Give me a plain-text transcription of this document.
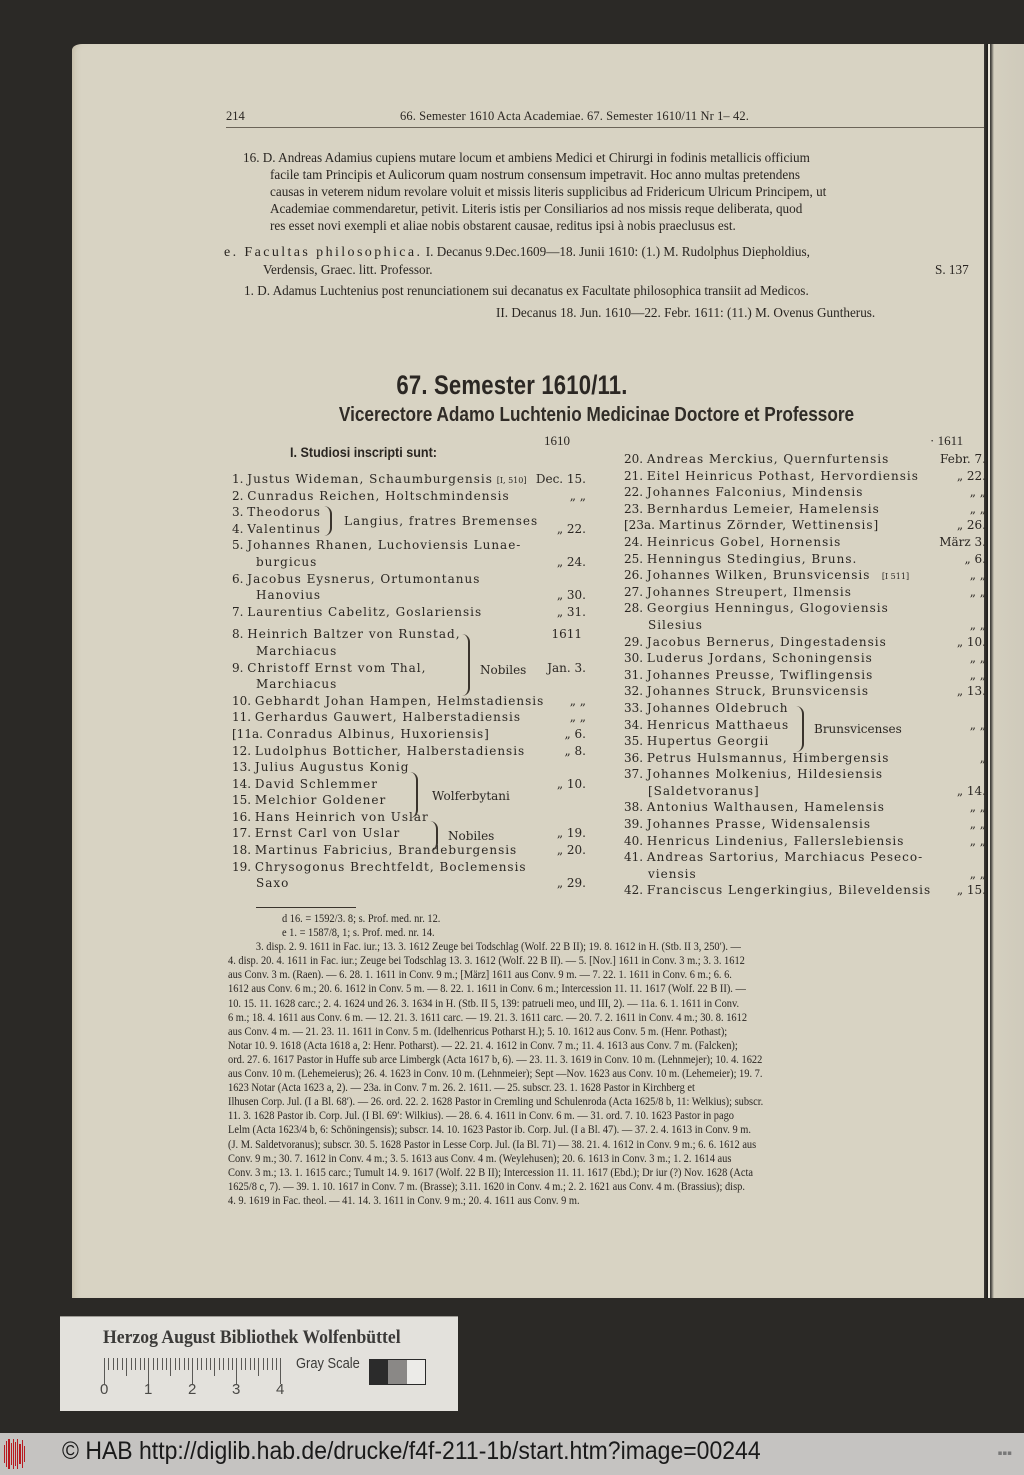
214	66. Semester 1610 Acta Academiae. 67. Semester 1610/11 Nr 1– 42.
16. D. Andreas Adamius cupiens mutare locum et ambiens Medici et Chirurgi in fodinis metallicis officium
facile tam Principis et Aulicorum quam nostrum consensum impetravit. Hoc anno multas pretendens
causas in veterem nidum revolare voluit et missis literis supplicibus ad Fridericum Ulricum Principem, ut
Academiae commendaretur, petivit. Literis istis per Consiliarios ad nos missis reque deliberata, quod
res esset novi exempli et aliae nobis obstarent causae, reditus ipsi à nobis praeclusus est.
e. Facultas philosophica. I. Decanus 9.Dec.1609—18. Junii 1610: (1.) M. Rudolphus Diepholdius,
Verdensis, Graec. litt. Professor.	S. 137
1. D. Adamus Luchtenius post renunciationem sui decanatus ex Facultate philosophica transiit ad Medicos.
II. Decanus 18. Jun. 1610—22. Febr. 1611: (11.) M. Ovenus Guntherus.
67. Semester 1610/11.
Vicerectore Adamo Luchtenio Medicinae Doctore et Professore
I. Studiosi inscripti sunt:
1610	· 1611
1. Justus Wideman, Schaumburgensis [I, 510] Dec. 15.
2. Cunradus Reichen, Holtschmindensis	„ „
3. Theodorus
4. Valentinus	„ 22.
5. Johannes Rhanen, Luchoviensis Lunae-
burgicus	„ 24.
6. Jacobus Eysnerus, Ortumontanus
Hanovius	„ 30.
7. Laurentius Cabelitz, Goslariensis	„ 31.
8. Heinrich Baltzer von Runstad,	1611
Marchiacus
9. Christoff Ernst vom Thal,	Jan. 3.
Marchiacus
10. Gebhardt Johan Hampen, Helmstadiensis „ „
11. Gerhardus Gauwert, Halberstadiensis	„ „
[11a. Conradus Albinus, Huxoriensis]	„ 6.
12. Ludolphus Botticher, Halberstadiensis	„ 8.
13. Julius Augustus Konig
14. David Schlemmer	„ 10.
15. Melchior Goldener
16. Hans Heinrich von Uslar
17. Ernst Carl von Uslar	„ 19.
18. Martinus Fabricius, Brandeburgensis	„ 20.
19. Chrysogonus Brechtfeldt, Boclemensis
Saxo	„ 29.
Langius, fratres Bremenses
Nobiles
Wolferbytani
Nobiles
20. Andreas Merckius, Quernfurtensis	Febr. 7.
21. Eitel Heinricus Pothast, Hervordiensis	„ 22.
22. Johannes Falconius, Mindensis	„ „
23. Bernhardus Lemeier, Hamelensis	„ „
[23a. Martinus Zörnder, Wettinensis]	„ 26.
24. Heinricus Gobel, Hornensis	März 3.
25. Henningus Stedingius, Bruns.	„ 6.
26. Johannes Wilken, Brunsvicensis [I 511]	„ „
27. Johannes Streupert, Ilmensis	„ „
28. Georgius Henningus, Glogoviensis
Silesius	„ „
29. Jacobus Bernerus, Dingestadensis	„ 10.
30. Luderus Jordans, Schoningensis	„ „
31. Johannes Preusse, Twiflingensis	„ „
32. Johannes Struck, Brunsvicensis	„ 13.
33. Johannes Oldebruch
34. Henricus Matthaeus	„ „
35. Hupertus Georgii
36. Petrus Hulsmannus, Himbergensis	„
37. Johannes Molkenius, Hildesiensis
[Saldetvoranus]	„ 14.
38. Antonius Walthausen, Hamelensis	„ „
39. Johannes Prasse, Widensalensis	„ „
40. Henricus Lindenius, Fallerslebiensis	„ „
41. Andreas Sartorius, Marchiacus Peseco-
viensis	„ „
42. Franciscus Lengerkingius, Bileveldensis „ 15.
Brunsvicenses
d 16. = 1592/3. 8; s. Prof. med. nr. 12.
e 1. = 1587/8, 1; s. Prof. med. nr. 14.
3. disp. 2. 9. 1611 in Fac. iur.; 13. 3. 1612 Zeuge bei Todschlag (Wolf. 22 B II); 19. 8. 1612 in H. (Stb. II 3, 250′). —
4. disp. 20. 4. 1611 in Fac. iur.; Zeuge bei Todschlag 13. 3. 1612 (Wolf. 22 B II). — 5. [Nov.] 1611 in Conv. 3 m.; 3. 3. 1612
aus Conv. 3 m. (Raen). — 6. 28. 1. 1611 in Conv. 9 m.; [März] 1611 aus Conv. 9 m. — 7. 22. 1. 1611 in Conv. 6 m.; 6. 6.
1612 aus Conv. 6 m.; 20. 6. 1612 in Conv. 5 m. — 8. 22. 1. 1611 in Conv. 6 m.; Intercession 11. 11. 1617 (Wolf. 22 B II). —
10. 15. 11. 1628 carc.; 2. 4. 1624 und 26. 3. 1634 in H. (Stb. II 5, 139: patrueli meo, und III, 2). — 11a. 6. 1. 1611 in Conv.
6 m.; 18. 4. 1611 aus Conv. 6 m. — 12. 21. 3. 1611 carc. — 19. 21. 3. 1611 carc. — 20. 7. 2. 1611 in Conv. 4 m.; 30. 8. 1612
aus Conv. 4 m. — 21. 23. 11. 1611 in Conv. 5 m. (Idelhenricus Potharst H.); 5. 10. 1612 aus Conv. 5 m. (Henr. Pothast);
Notar 10. 9. 1618 (Acta 1618 a, 2: Henr. Potharst). — 22. 21. 4. 1612 in Conv. 7 m.; 11. 4. 1613 aus Conv. 7 m. (Falcken);
ord. 27. 6. 1617 Pastor in Huffe sub arce Limbergk (Acta 1617 b, 6). — 23. 11. 3. 1619 in Conv. 10 m. (Lehnmejer); 10. 4. 1622
aus Conv. 10 m. (Lehemeierus); 26. 4. 1623 in Conv. 10 m. (Lehnmeier); Sept —Nov. 1623 aus Conv. 10 m. (Lehemeier); 19. 7.
1623 Notar (Acta 1623 a, 2). — 23a. in Conv. 7 m. 26. 2. 1611. — 25. subscr. 23. 1. 1628 Pastor in Kirchberg et
Ilhusen Corp. Jul. (I a Bl. 68′). — 26. ord. 22. 2. 1628 Pastor in Cremling und Schulenroda (Acta 1625/8 b, 11: Welkius); subscr.
11. 3. 1628 Pastor ib. Corp. Jul. (I Bl. 69′: Wilkius). — 28. 6. 4. 1611 in Conv. 6 m. — 31. ord. 7. 10. 1623 Pastor in pago
Lelm (Acta 1623/4 b, 6: Schöningensis); subscr. 14. 10. 1623 Pastor ib. Corp. Jul. (I a Bl. 47). — 37. 2. 4. 1613 in Conv. 9 m.
(J. M. Saldetvoranus); subscr. 30. 5. 1628 Pastor in Lesse Corp. Jul. (Ia Bl. 71) — 38. 21. 4. 1612 in Conv. 9 m.; 6. 6. 1612 aus
Conv. 9 m.; 30. 7. 1612 in Conv. 4 m.; 3. 5. 1613 aus Conv. 4 m. (Weylehusen); 20. 6. 1613 in Conv. 3 m.; 1. 2. 1614 aus
Conv. 3 m.; 13. 1. 1615 carc.; Tumult 14. 9. 1617 (Wolf. 22 B II); Intercession 11. 11. 1617 (Ebd.); Dr iur (?) Nov. 1628 (Acta
1625/8 c, 7). — 39. 1. 10. 1617 in Conv. 7 m. (Brasse); 3.11. 1620 in Conv. 4 m.; 2. 2. 1621 aus Conv. 4 m. (Brassius); disp.
4. 9. 1619 in Fac. theol. — 41. 14. 3. 1611 in Conv. 9 m.; 20. 4. 1611 aus Conv. 9 m.
Herzog August Bibliothek Wolfenbüttel
0 1 2 3 4
Gray Scale
© HAB http://diglib.hab.de/drucke/f4f-211-1b/start.htm?image=00244	▪▪▪
